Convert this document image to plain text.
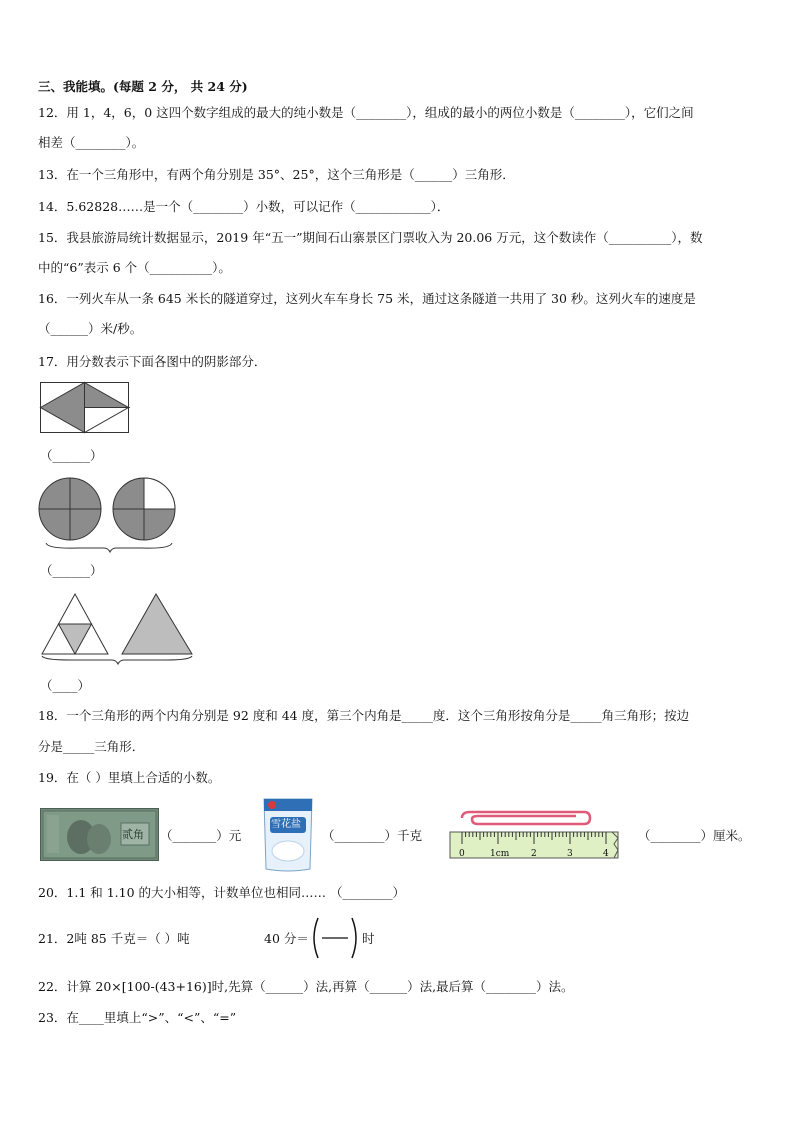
三、我能填。(每题 2 分， 共 24 分)
12．用 1，4，6，0 这四个数字组成的最大的纯小数是（________），组成的最小的两位小数是（________），它们之间
相差（________）。
13．在一个三角形中，有两个角分别是 35°、25°，这个三角形是（______）三角形．
14．5.62828……是一个（________）小数，可以记作（____________）．
15．我县旅游局统计数据显示，2019 年“五一”期间石山寨景区门票收入为 20.06 万元，这个数读作（__________），数
中的“6”表示 6 个（__________）。
16．一列火车从一条 645 米长的隧道穿过，这列火车车身长 75 米，通过这条隧道一共用了 30 秒。这列火车的速度是
（______）米/秒。
17．用分数表示下面各图中的阴影部分．
（______）
（______）
（____）
18．一个三角形的两个内角分别是 92 度和 44 度，第三个内角是_____度．这个三角形按角分是_____角三角形；按边
分是_____三角形．
19．在（ ）里填上合适的小数。
贰角 （_______）元
雪花盐
（________）千克
0	1cm 2	3	4
（________）厘米。
20．1.1 和 1.10 的大小相等，计数单位也相同…… （________）
21．2吨 85 千克＝（ ）吨	40 分＝	时
22．计算 20×[100-(43+16)]时,先算（______）法,再算（______）法,最后算（________）法。
23．在____里填上“>”、“<”、“=”
